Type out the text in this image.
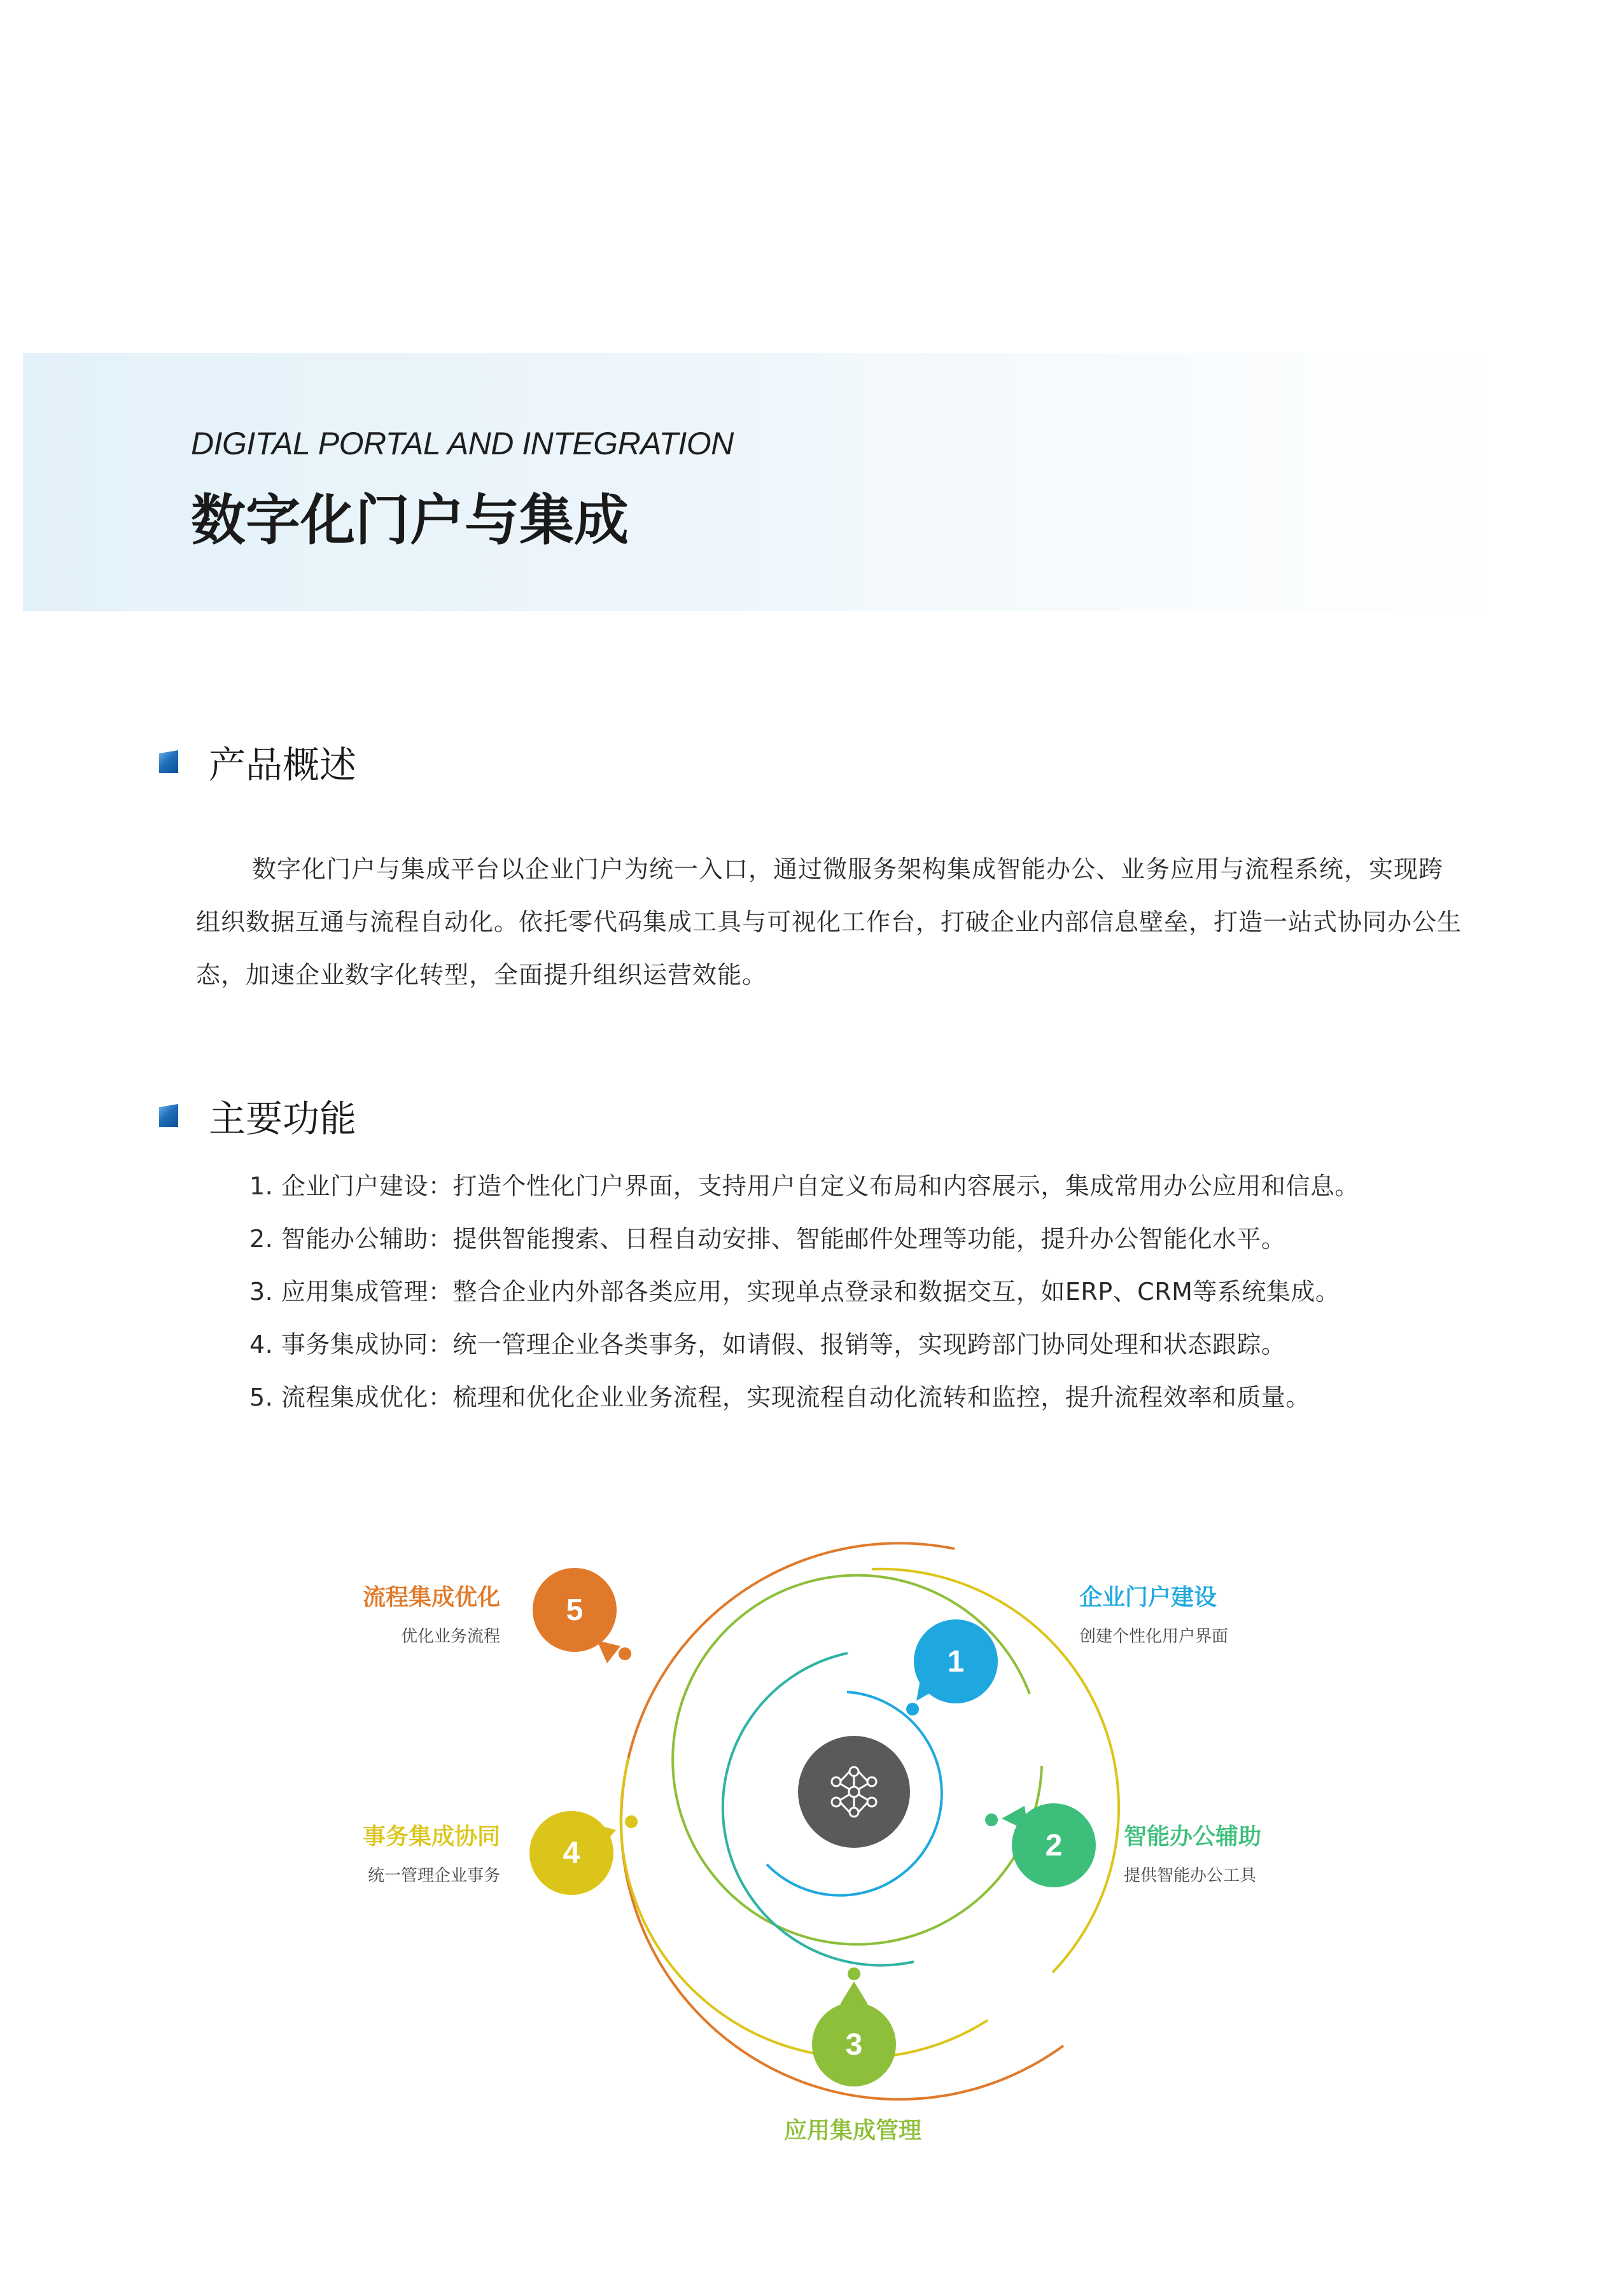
DIGITAL PORTAL AND INTEGRATION
数字化门户与集成
产品概述
数字化门户与集成平台以企业门户为统一入口，通过微服务架构集成智能办公、业务应用与流程系统，实现跨组织数据互通与流程自动化。依托零代码集成工具与可视化工作台，打破企业内部信息壁垒，打造一站式协同办公生态，加速企业数字化转型，全面提升组织运营效能。
主要功能
1. 企业门户建设：打造个性化门户界面，支持用户自定义布局和内容展示，集成常用办公应用和信息。
2. 智能办公辅助：提供智能搜索、日程自动安排、智能邮件处理等功能，提升办公智能化水平。
3. 应用集成管理：整合企业内外部各类应用，实现单点登录和数据交互，如ERP、CRM等系统集成。
4. 事务集成协同：统一管理企业各类事务，如请假、报销等，实现跨部门协同处理和状态跟踪。
5. 流程集成优化：梳理和优化企业业务流程，实现流程自动化流转和监控，提升流程效率和质量。
1
2
3
4
5	企业门户建设
创建个性化用户界面
智能办公辅助
提供智能办公工具
应用集成管理
事务集成协同
统一管理企业事务
流程集成优化
优化业务流程
